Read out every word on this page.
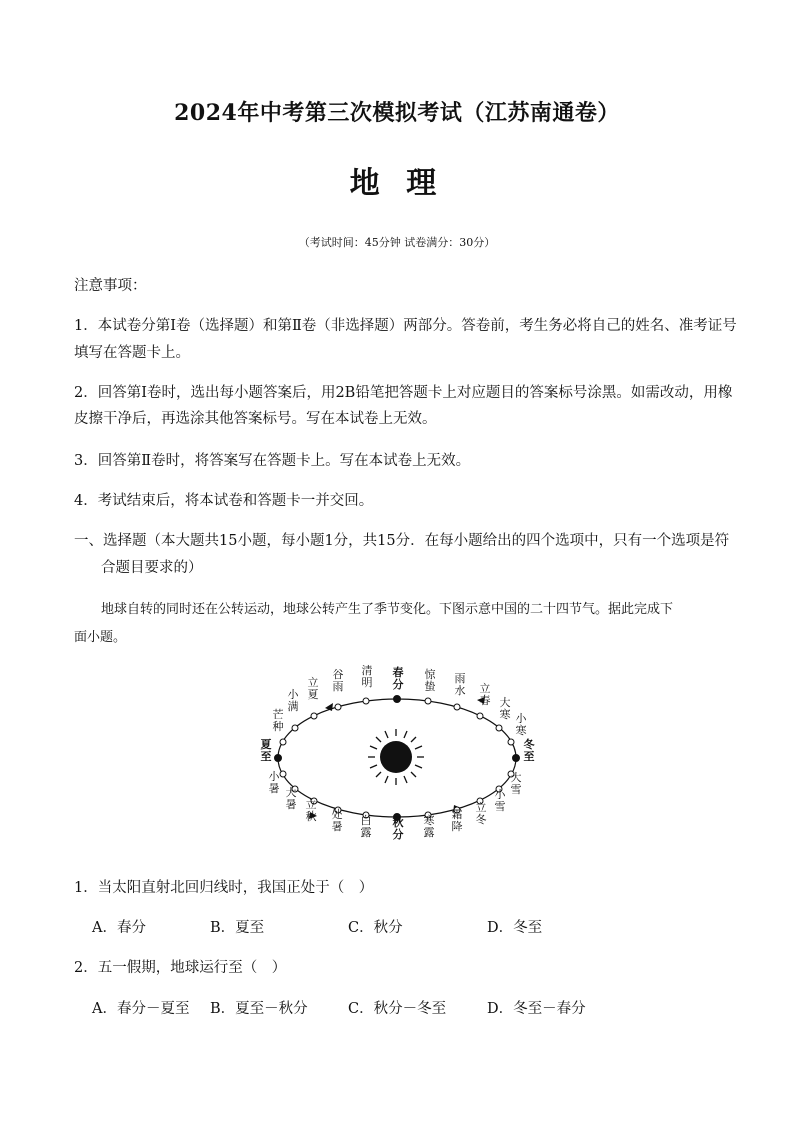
2024年中考第三次模拟考试（江苏南通卷）
地 理
（考试时间：45分钟 试卷满分：30分）
注意事项：
1．本试卷分第Ⅰ卷（选择题）和第Ⅱ卷（非选择题）两部分。答卷前，考生务必将自己的姓名、准考证号
填写在答题卡上。
2．回答第Ⅰ卷时，选出每小题答案后，用2B铅笔把答题卡上对应题目的答案标号涂黑。如需改动，用橡
皮擦干净后，再选涂其他答案标号。写在本试卷上无效。
3．回答第Ⅱ卷时，将答案写在答题卡上。写在本试卷上无效。
4．考试结束后，将本试卷和答题卡一并交回。
一、选择题（本大题共15小题，每小题1分，共15分．在每小题给出的四个选项中，只有一个选项是符
合题目要求的）
地球自转的同时还在公转运动，地球公转产生了季节变化。下图示意中国的二十四节气。据此完成下
面小题。
春分
惊蛰
雨水 立春 大寒 小寒
冬至
大雪
小雪
立冬
霜降
寒露
秋分
白露
处暑
立秋
大暑
小暑
夏至
芒种
小满
立夏
谷雨
清明
1．当太阳直射北回归线时，我国正处于（　）
A．春分	B．夏至	C．秋分	D．冬至
2．五一假期，地球运行至（　）
A．春分－夏至 B．夏至－秋分	C．秋分－冬至	D．冬至－春分
